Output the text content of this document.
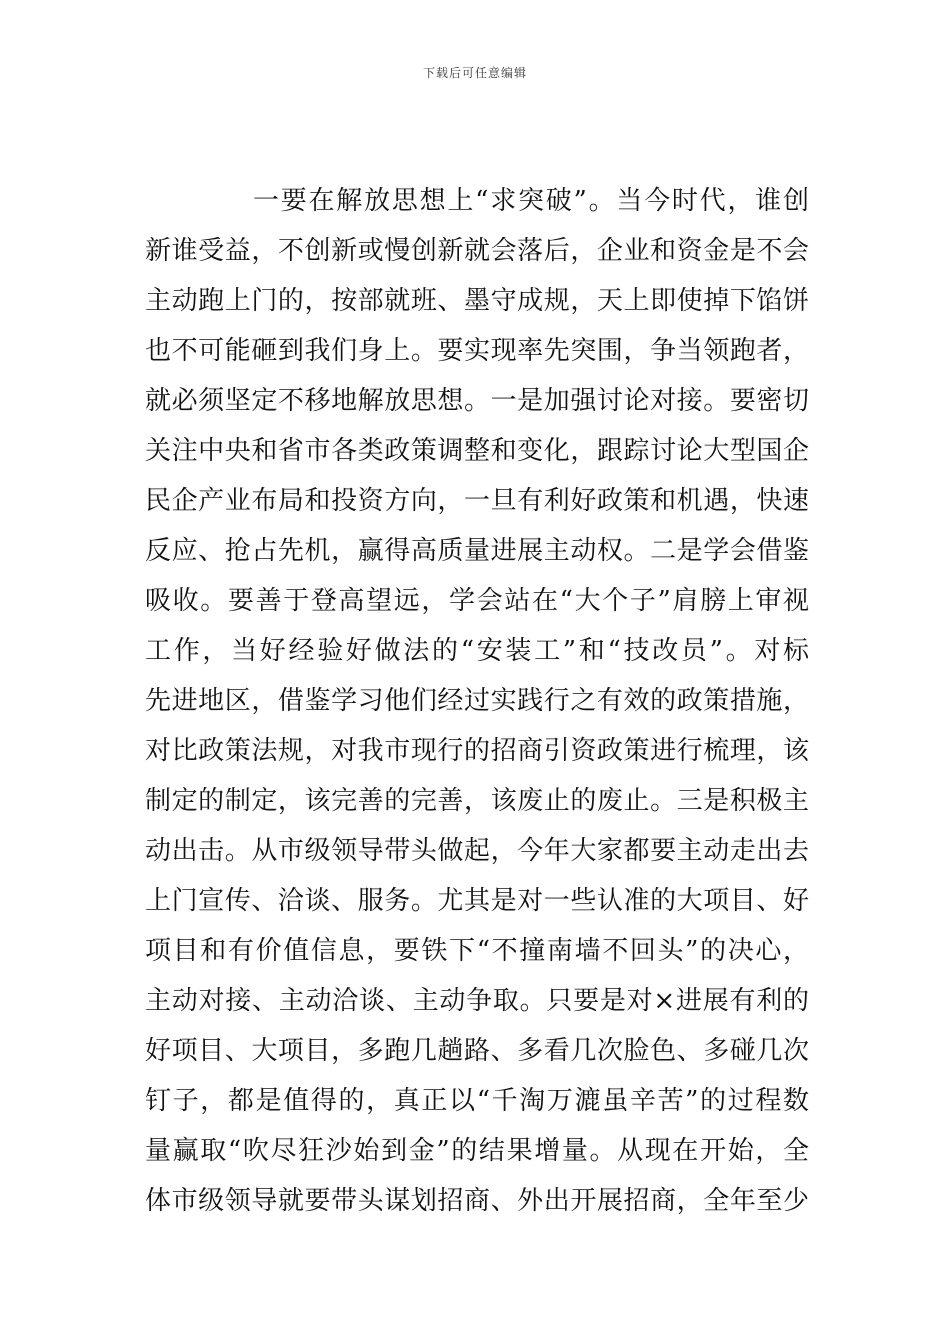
下载后可任意编辑
一要在解放思想上“求突破”。当今时代，谁创
新谁受益，不创新或慢创新就会落后，企业和资金是不会
主动跑上门的，按部就班、墨守成规，天上即使掉下馅饼
也不可能砸到我们身上。要实现率先突围，争当领跑者，
就必须坚定不移地解放思想。一是加强讨论对接。要密切
关注中央和省市各类政策调整和变化，跟踪讨论大型国企
民企产业布局和投资方向，一旦有利好政策和机遇，快速
反应、抢占先机，赢得高质量进展主动权。二是学会借鉴
吸收。要善于登高望远，学会站在“大个子”肩膀上审视
工作，当好经验好做法的“安装工”和“技改员”。对标
先进地区，借鉴学习他们经过实践行之有效的政策措施，
对比政策法规，对我市现行的招商引资政策进行梳理，该
制定的制定，该完善的完善，该废止的废止。三是积极主
动出击。从市级领导带头做起，今年大家都要主动走出去
上门宣传、洽谈、服务。尤其是对一些认准的大项目、好
项目和有价值信息，要铁下“不撞南墙不回头”的决心，
主动对接、主动洽谈、主动争取。只要是对×进展有利的
好项目、大项目，多跑几趟路、多看几次脸色、多碰几次
钉子，都是值得的，真正以“千淘万漉虽辛苦”的过程数
量赢取“吹尽狂沙始到金”的结果增量。从现在开始，全
体市级领导就要带头谋划招商、外出开展招商，全年至少
